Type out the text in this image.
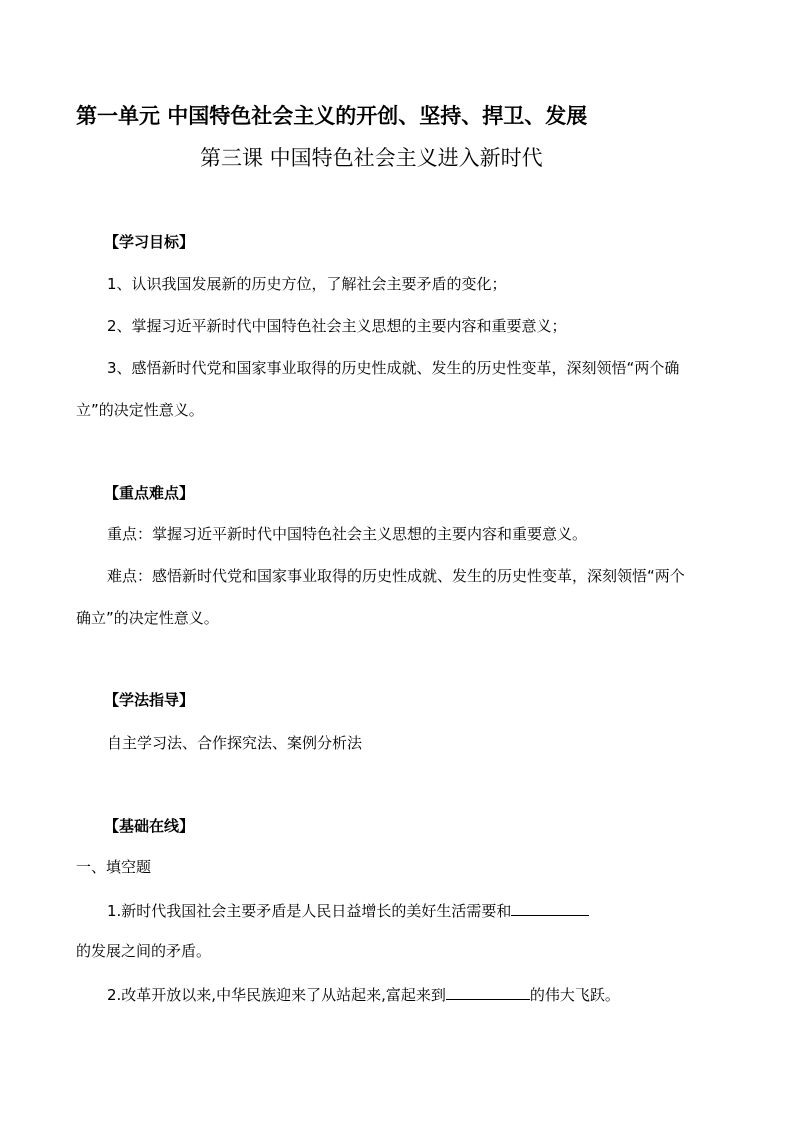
第一单元 中国特色社会主义的开创、坚持、捍卫、发展
第三课 中国特色社会主义进入新时代
【学习目标】
1、认识我国发展新的历史方位，了解社会主要矛盾的变化；
2、掌握习近平新时代中国特色社会主义思想的主要内容和重要意义；
3、感悟新时代党和国家事业取得的历史性成就、发生的历史性变革，深刻领悟“两个确
立”的决定性意义。
【重点难点】
重点：掌握习近平新时代中国特色社会主义思想的主要内容和重要意义。
难点：感悟新时代党和国家事业取得的历史性成就、发生的历史性变革，深刻领悟“两个
确立”的决定性意义。
【学法指导】
自主学习法、合作探究法、案例分析法
【基础在线】
一、填空题
1.新时代我国社会主要矛盾是人民日益增长的美好生活需要和
的发展之间的矛盾。
2.改革开放以来,中华民族迎来了从站起来,富起来到	的伟大飞跃。
